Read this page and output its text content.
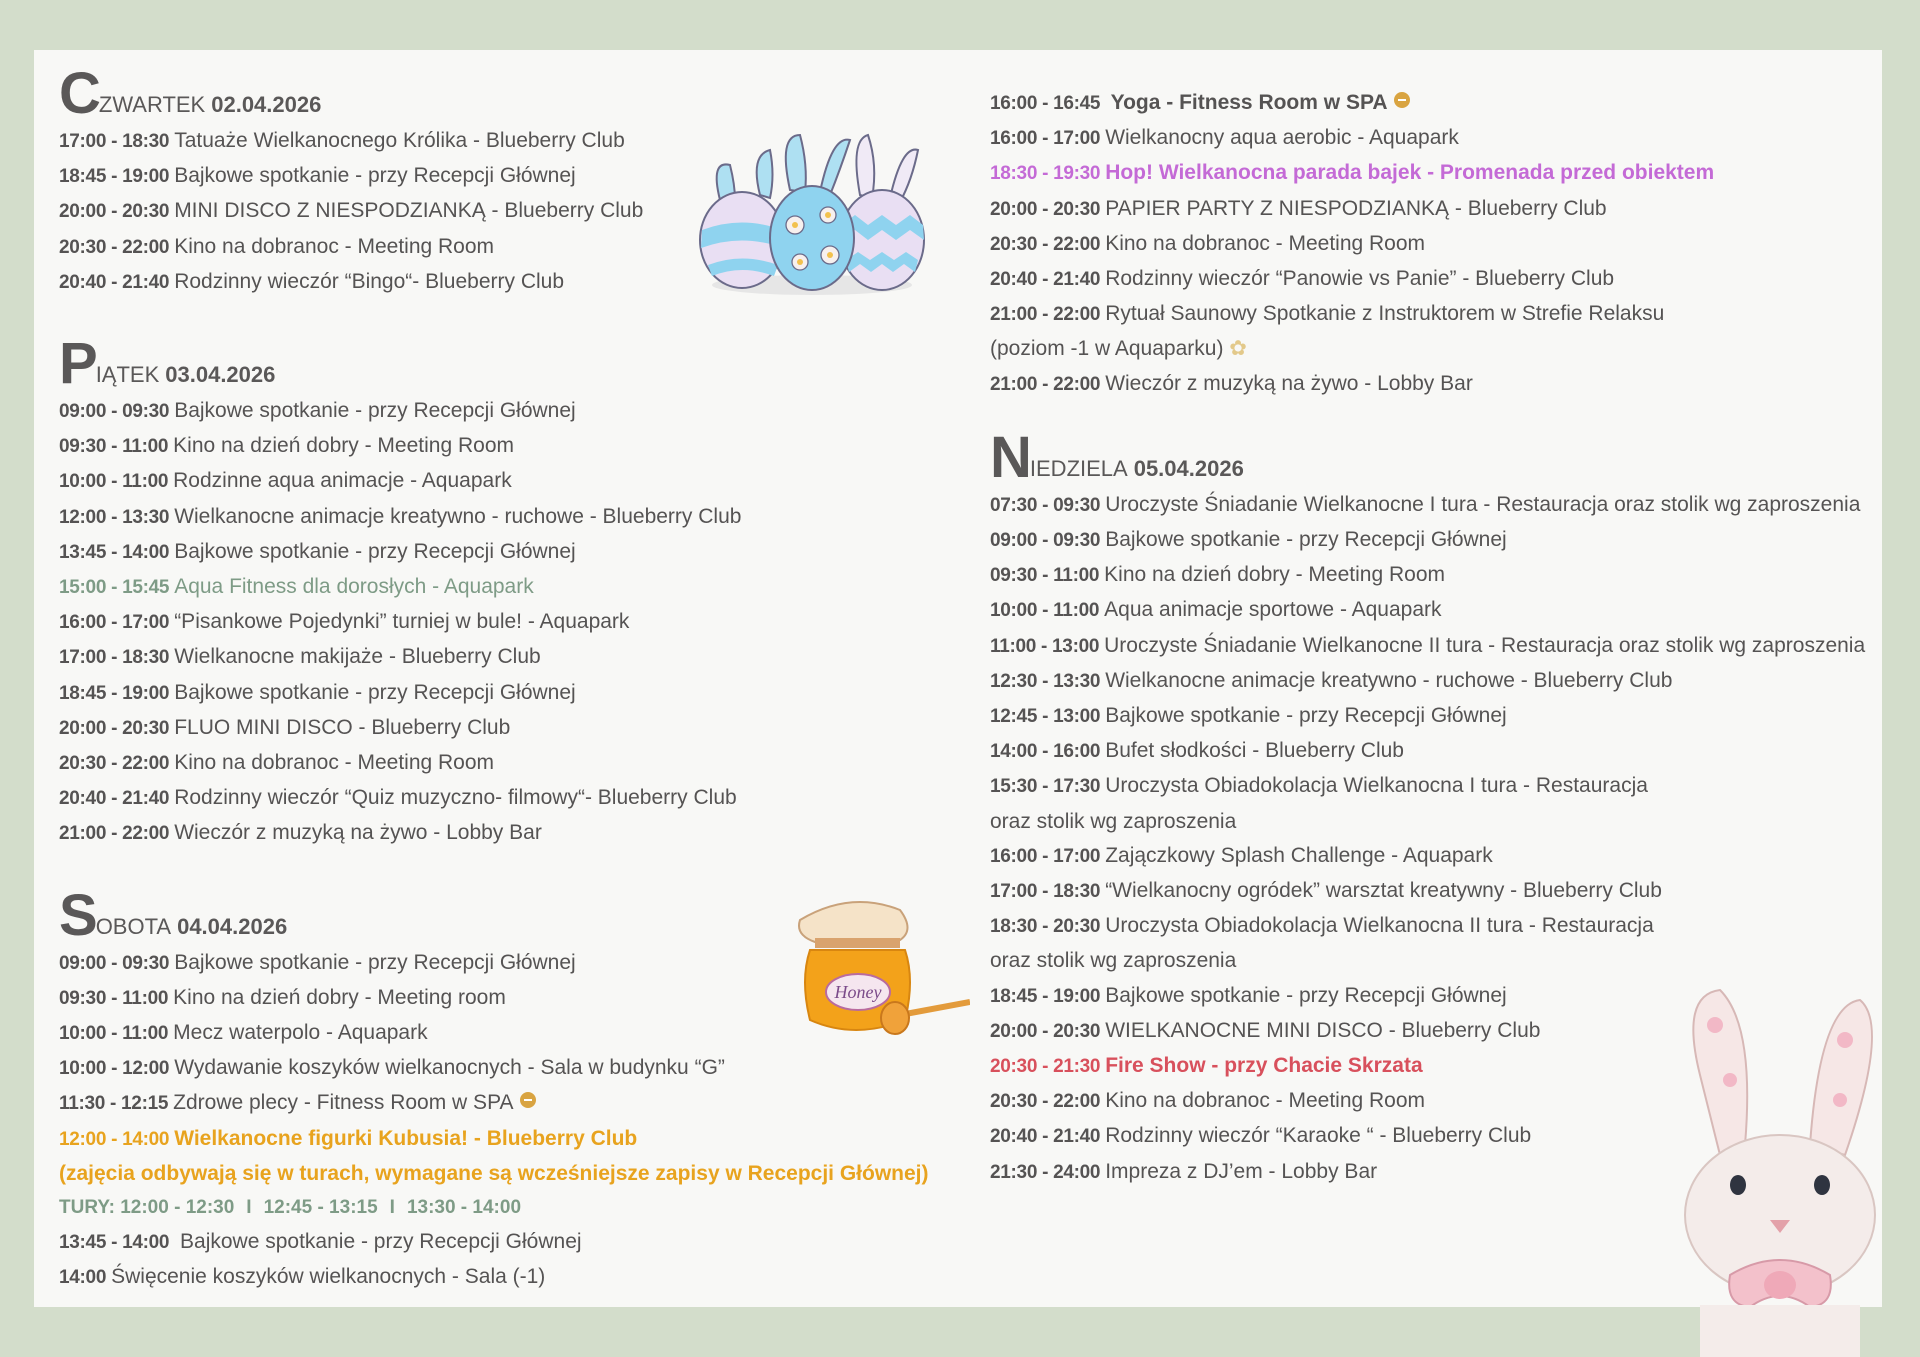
C ZWARTEK 02.04.2026
17:00 - 18:30 Tatuaże Wielkanocnego Królika - Blueberry Club
18:45 - 19:00 Bajkowe spotkanie - przy Recepcji Głównej
20:00 - 20:30 MINI DISCO Z NIESPODZIANKĄ - Blueberry Club
20:30 - 22:00 Kino na dobranoc - Meeting Room
20:40 - 21:40 Rodzinny wieczór “Bingo“- Blueberry Club
P IĄTEK 03.04.2026
09:00 - 09:30 Bajkowe spotkanie - przy Recepcji Głównej
09:30 - 11:00 Kino na dzień dobry - Meeting Room
10:00 - 11:00 Rodzinne aqua animacje - Aquapark
12:00 - 13:30 Wielkanocne animacje kreatywno - ruchowe - Blueberry Club
13:45 - 14:00 Bajkowe spotkanie - przy Recepcji Głównej
15:00 - 15:45 Aqua Fitness dla dorosłych - Aquapark
16:00 - 17:00 “Pisankowe Pojedynki” turniej w bule! - Aquapark
17:00 - 18:30 Wielkanocne makijaże - Blueberry Club
18:45 - 19:00 Bajkowe spotkanie - przy Recepcji Głównej
20:00 - 20:30 FLUO MINI DISCO - Blueberry Club
20:30 - 22:00 Kino na dobranoc - Meeting Room
20:40 - 21:40 Rodzinny wieczór “Quiz muzyczno- filmowy“- Blueberry Club
21:00 - 22:00 Wieczór z muzyką na żywo - Lobby Bar
S OBOTA 04.04.2026
09:00 - 09:30 Bajkowe spotkanie - przy Recepcji Głównej
09:30 - 11:00 Kino na dzień dobry - Meeting room
10:00 - 11:00 Mecz waterpolo - Aquapark
10:00 - 12:00 Wydawanie koszyków wielkanocnych - Sala w budynku “G”
11:30 - 12:15 Zdrowe plecy - Fitness Room w SPA
12:00 - 14:00 Wielkanocne figurki Kubusia! - Blueberry Club
(zajęcia odbywają się w turach, wymagane są wcześniejsze zapisy w Recepcji Głównej)
TURY: 12:00 - 12:30 I 12:45 - 13:15 I 13:30 - 14:00
13:45 - 14:00 Bajkowe spotkanie - przy Recepcji Głównej
14:00 Święcenie koszyków wielkanocnych - Sala (-1)
16:00 - 16:45 Yoga - Fitness Room w SPA
16:00 - 17:00 Wielkanocny aqua aerobic - Aquapark
18:30 - 19:30 Hop! Wielkanocna parada bajek - Promenada przed obiektem
20:00 - 20:30 PAPIER PARTY Z NIESPODZIANKĄ - Blueberry Club
20:30 - 22:00 Kino na dobranoc - Meeting Room
20:40 - 21:40 Rodzinny wieczór “Panowie vs Panie” - Blueberry Club
21:00 - 22:00 Rytuał Saunowy Spotkanie z Instruktorem w Strefie Relaksu
(poziom -1 w Aquaparku) ✿
21:00 - 22:00 Wieczór z muzyką na żywo - Lobby Bar
N IEDZIELA 05.04.2026
07:30 - 09:30 Uroczyste Śniadanie Wielkanocne I tura - Restauracja oraz stolik wg zaproszenia
09:00 - 09:30 Bajkowe spotkanie - przy Recepcji Głównej
09:30 - 11:00 Kino na dzień dobry - Meeting Room
10:00 - 11:00 Aqua animacje sportowe - Aquapark
11:00 - 13:00 Uroczyste Śniadanie Wielkanocne II tura - Restauracja oraz stolik wg zaproszenia
12:30 - 13:30 Wielkanocne animacje kreatywno - ruchowe - Blueberry Club
12:45 - 13:00 Bajkowe spotkanie - przy Recepcji Głównej
14:00 - 16:00 Bufet słodkości - Blueberry Club
15:30 - 17:30 Uroczysta Obiadokolacja Wielkanocna I tura - Restauracja
oraz stolik wg zaproszenia
16:00 - 17:00 Zajączkowy Splash Challenge - Aquapark
17:00 - 18:30 “Wielkanocny ogródek” warsztat kreatywny - Blueberry Club
18:30 - 20:30 Uroczysta Obiadokolacja Wielkanocna II tura - Restauracja
oraz stolik wg zaproszenia
18:45 - 19:00 Bajkowe spotkanie - przy Recepcji Głównej
20:00 - 20:30 WIELKANOCNE MINI DISCO - Blueberry Club
20:30 - 21:30 Fire Show - przy Chacie Skrzata
20:30 - 22:00 Kino na dobranoc - Meeting Room
20:40 - 21:40 Rodzinny wieczór “Karaoke “ - Blueberry Club
21:30 - 24:00 Impreza z DJ’em - Lobby Bar
Honey
